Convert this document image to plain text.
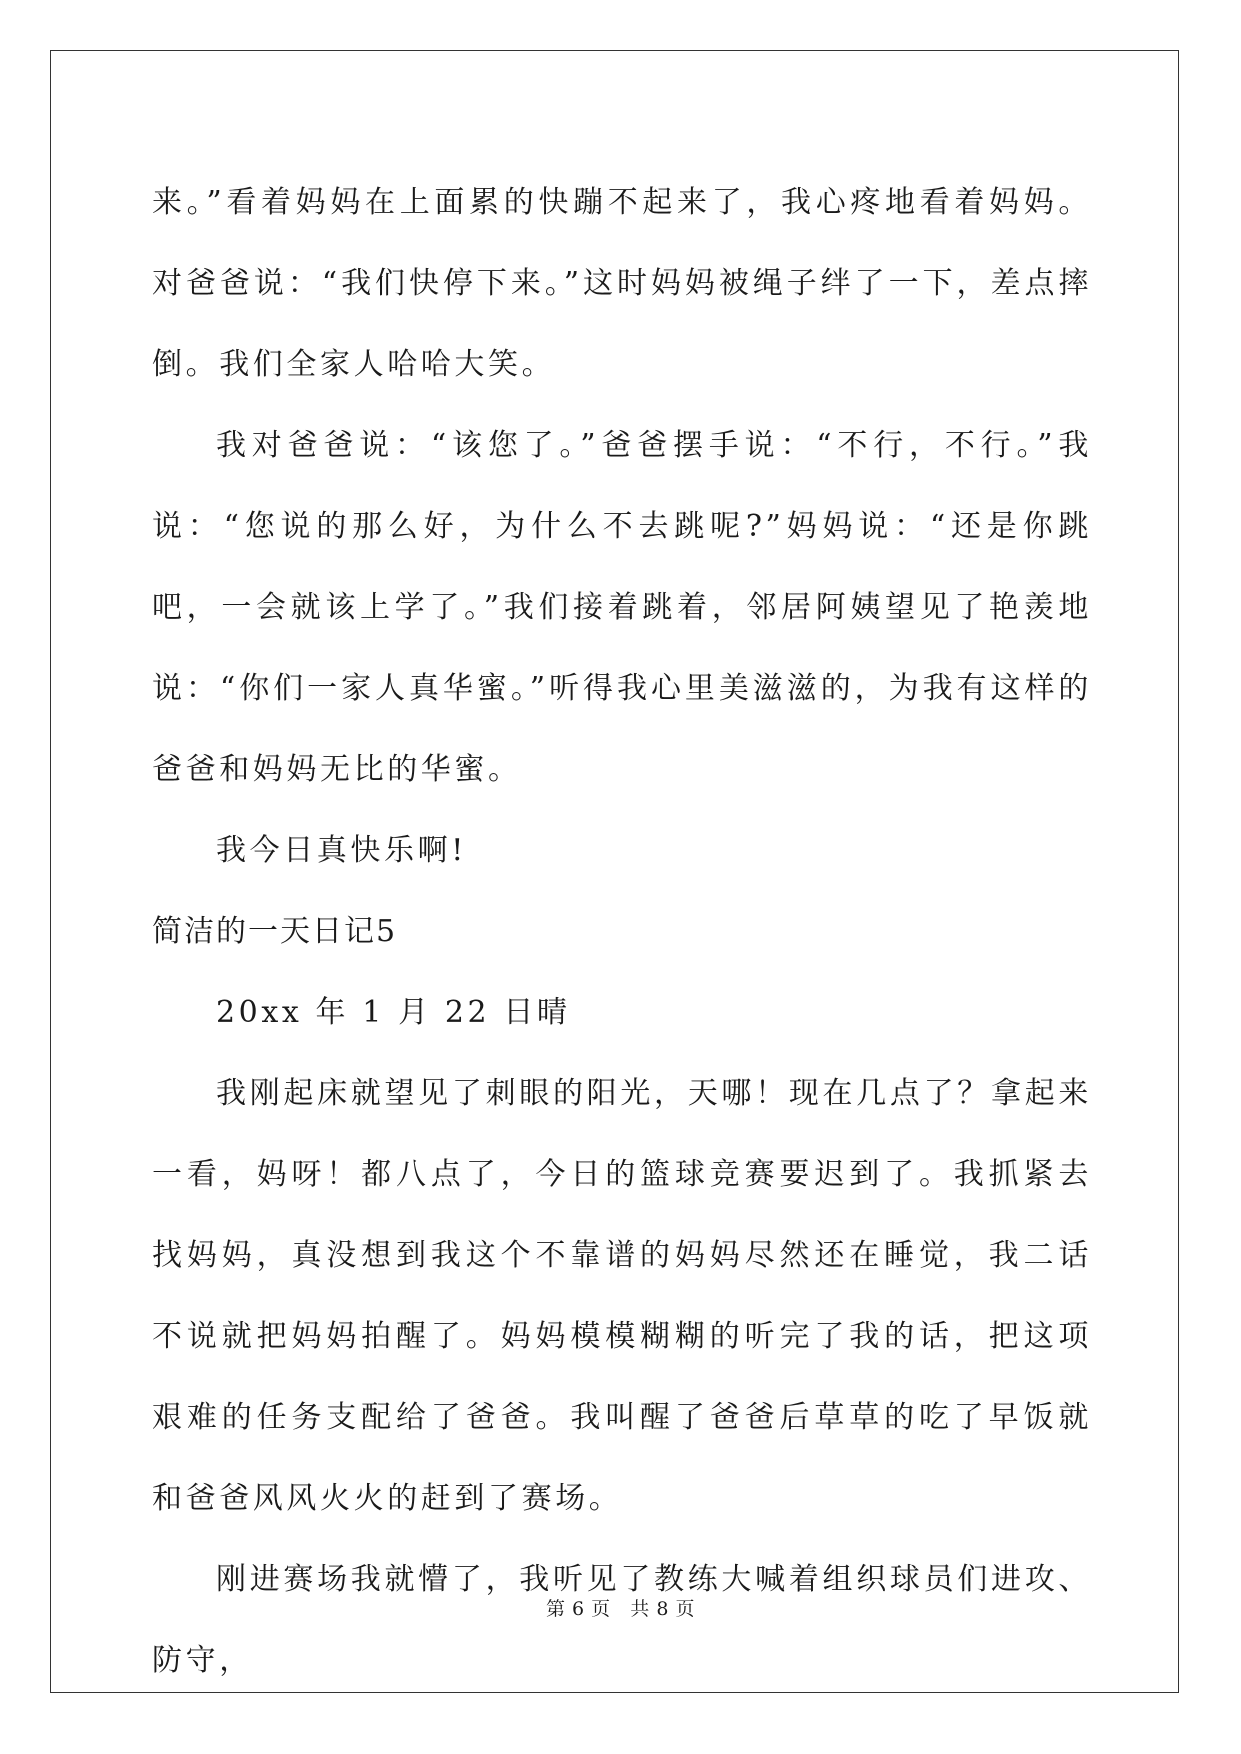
来。”看着妈妈在上面累的快蹦不起来了，我心疼地看着妈妈。对爸爸说：“我们快停下来。”这时妈妈被绳子绊了一下，差点摔倒。我们全家人哈哈大笑。

我对爸爸说：“该您了。”爸爸摆手说：“不行，不行。”我说：“您说的那么好，为什么不去跳呢?”妈妈说：“还是你跳吧，一会就该上学了。”我们接着跳着，邻居阿姨望见了艳羡地说：“你们一家人真华蜜。”听得我心里美滋滋的，为我有这样的爸爸和妈妈无比的华蜜。

我今日真快乐啊!

简洁的一天日记5

20xx 年 1 月 22 日晴

我刚起床就望见了刺眼的阳光，天哪！现在几点了？拿起来一看，妈呀！都八点了，今日的篮球竞赛要迟到了。我抓紧去找妈妈，真没想到我这个不靠谱的妈妈尽然还在睡觉，我二话不说就把妈妈拍醒了。妈妈模模糊糊的听完了我的话，把这项艰难的任务支配给了爸爸。我叫醒了爸爸后草草的吃了早饭就和爸爸风风火火的赶到了赛场。

刚进赛场我就懵了，我听见了教练大喊着组织球员们进攻、防守，

第 6 页   共 8 页
